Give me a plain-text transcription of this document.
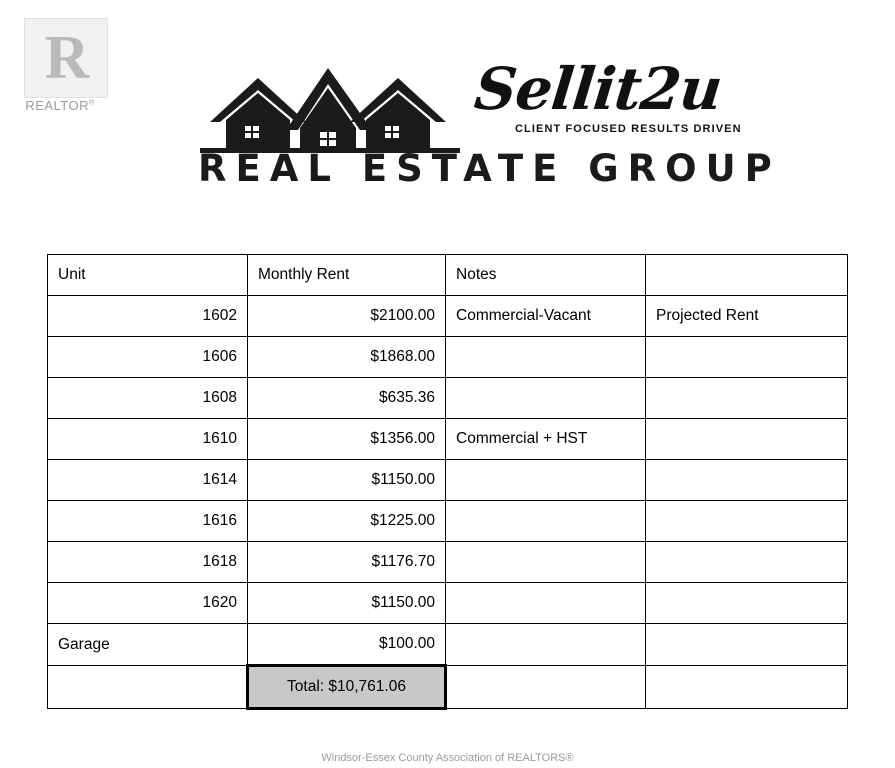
R
REALTOR®	Sellit2u
CLIENT FOCUSED RESULTS DRIVEN
REAL ESTATE GROUP
Unit	Monthly Rent	Notes	
1602	$2100.00	Commercial-Vacant	Projected Rent
1606	$1868.00		
1608	$635.36		
1610	$1356.00	Commercial + HST	
1614	$1150.00		
1616	$1225.00		
1618	$1176.70		
1620	$1150.00		
Garage	$100.00		
	Total: $10,761.06		
Windsor-Essex County Association of REALTORS®
